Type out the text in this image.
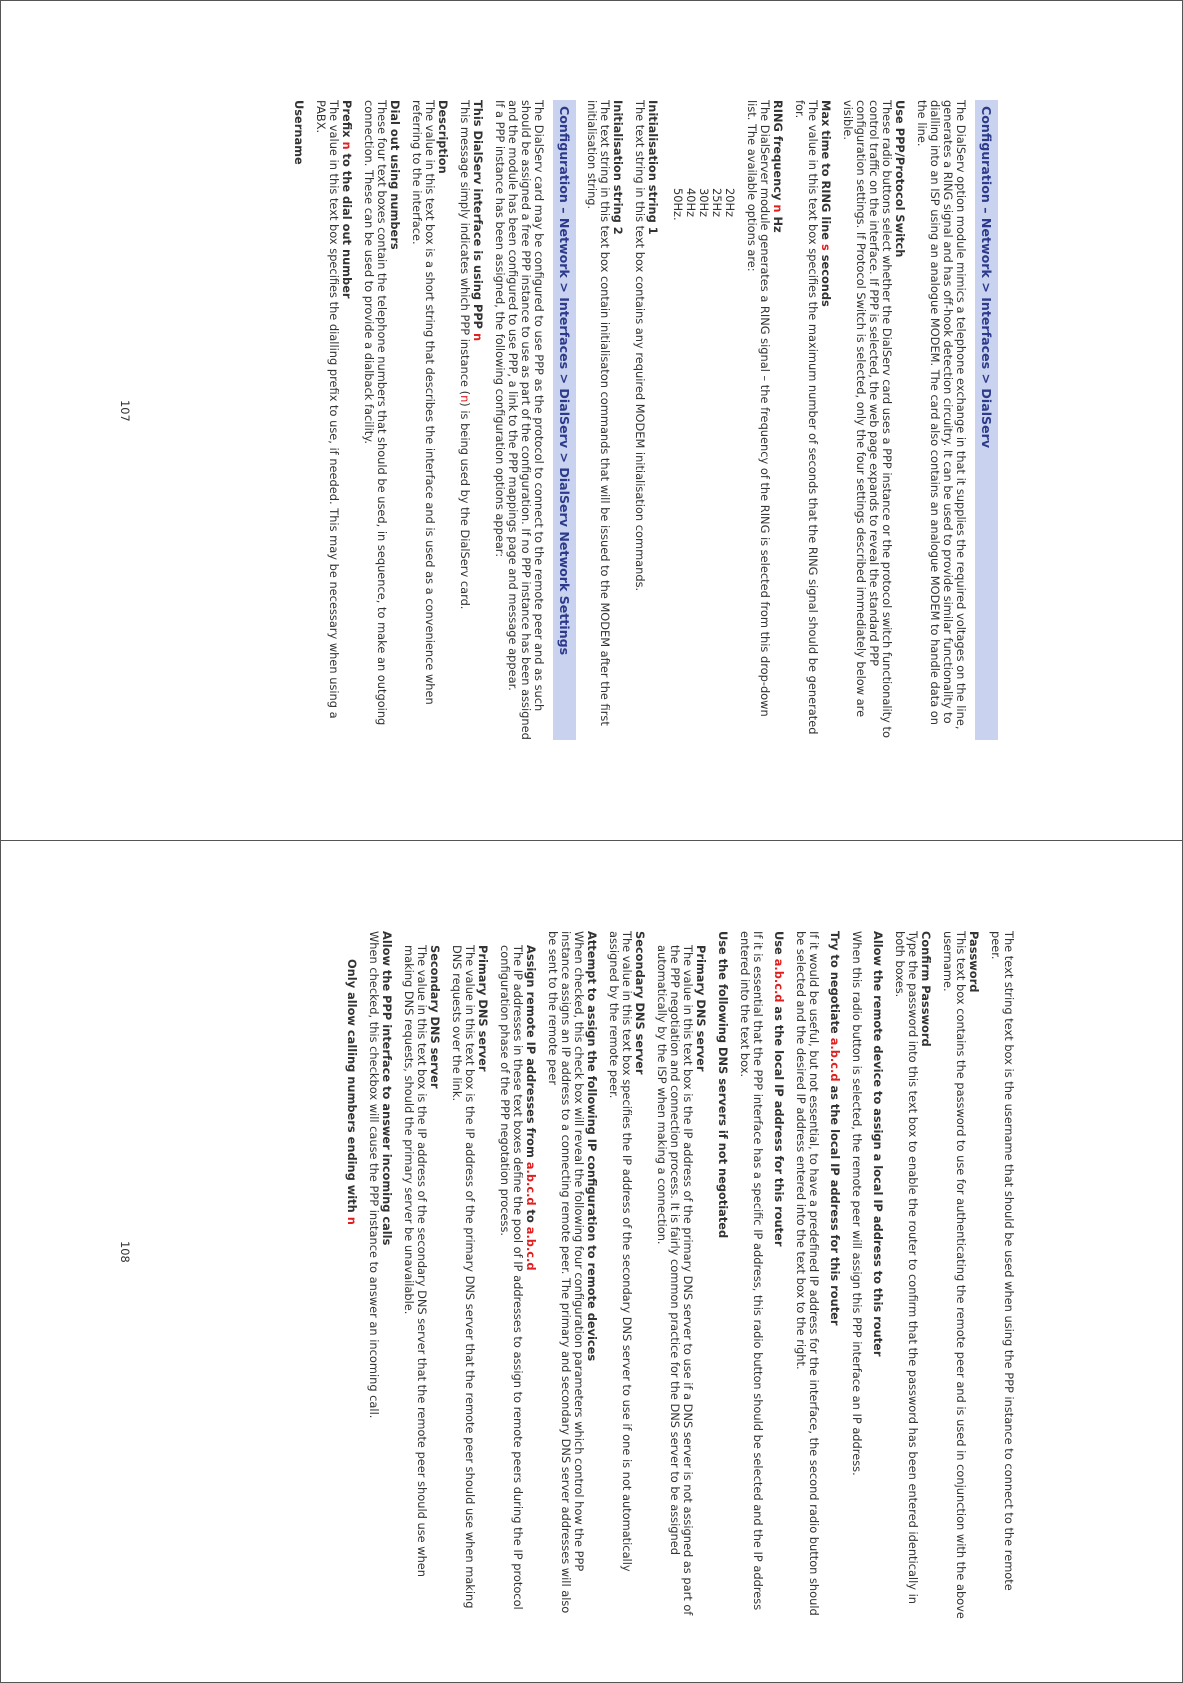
Configuration – Network > Interfaces > DialServ

The DialServ option module mimics a telephone exchange in that it supplies the required voltages on the line, generates a RING signal and has off-hook detection circuitry. It can be used to provide similar functionality to dialling into an ISP using an analogue MODEM. The card also contains an analogue MODEM to handle data on the line.

Use PPP/Protocol Switch
These radio buttons select whether the DialServ card uses a PPP instance or the protocol switch functionality to control traffic on the interface. If PPP is selected, the web page expands to reveal the standard PPP configuration settings. If Protocol Switch is selected, only the four settings described immediately below are visible.

Max time to RING line s seconds
The value in this text box specifies the maximum number of seconds that the RING signal should be generated for.

RING frequency n Hz
The DialServer module generates a RING signal – the frequency of the RING is selected from this drop-down list. The available options are:

20Hz
25Hz
30Hz
40Hz
50Hz.

Initialisation string 1
The text string in this text box contains any required MODEM initialisation commands.

Initialisation string 2
The text string in this text box contain initialisaton commands that will be issued to the MODEM after the first initialisation string.

Configuration – Network > Interfaces > DialServ > DialServ Network Settings

The DialServ card may be configured to use PPP as the protocol to connect to the remote peer and as such should be assigned a free PPP instance to use as part of the configuration. If no PPP instance has been assigned and the module has been configured to use PPP, a link to the PPP mappings page and message appear.

If a PPP instance has been assigned, the following configuration options appear:

This DialServ interface is using PPP n
This message simply indicates which PPP instance (n) is being used by the DialServ card.

Description
The value in this text box is a short string that describes the interface and is used as a convenience when referring to the interface.

Dial out using numbers
These four text boxes contain the telephone numbers that should be used, in sequence, to make an outgoing connection. These can be used to provide a dialback facility.

Prefix n to the dial out number
The value in this text box specifies the dialling prefix to use, if needed. This may be necessary when using a PABX.

Username

107

The text string text box is the username that should be used when using the PPP instance to connect to the remote peer.

Password
This text box contains the password to use for authenticating the remote peer and is used in conjunction with the above username.

Confirm Password
Type the password into this text box to enable the router to confirm that the password has been entered identically in both boxes.

Allow the remote device to assign a local IP address to this router
When this radio button is selected, the remote peer will assign this PPP interface an IP address.

Try to negotiate a.b.c.d as the local IP address for this router
If it would be useful, but not essential, to have a predefined IP address for the interface, the second radio button should be selected and the desired IP address entered into the text box to the right.

Use a.b.c.d as the local IP address for this router
If it is essential that the PPP interface has a specific IP address, this radio button should be selected and the IP address entered into the text box.

Use the following DNS servers if not negotiated

Primary DNS server
The value in this text box is the IP address of the primary DNS server to use if a DNS server is not assigned as part of the PPP negotiation and connection process. It is fairly common practice for the DNS server to be assigned automatically by the ISP when making a connection.

Secondary DNS server
The value in this text box specifies the IP address of the secondary DNS server to use if one is not automatically assigned by the remote peer.

Attempt to assign the following IP configuration to remote devices
When checked, this check box will reveal the following four configuration parameters which control how the PPP instance assigns an IP address to a connecting remote peer. The primary and secondary DNS server addresses will also be sent to the remote peer

Assign remote IP addresses from a.b.c.d to a.b.c.d
The IP addresses in these text boxes define the pool of IP addresses to assign to remote peers during the IP protocol configuration phase of the PPP negotation process.

Primary DNS server
The value in this text box is the IP address of the primary DNS server that the remote peer should use when making DNS requests over the link.

Secondary DNS server
The value in this text box is the IP address of the secondary DNS server that the remote peer should use when making DNS requests, should the primary server be unavailable.

Allow the PPP interface to answer incoming calls
When checked, this checkbox will cause the PPP instance to answer an incoming call.

Only allow calling numbers ending with n

108
